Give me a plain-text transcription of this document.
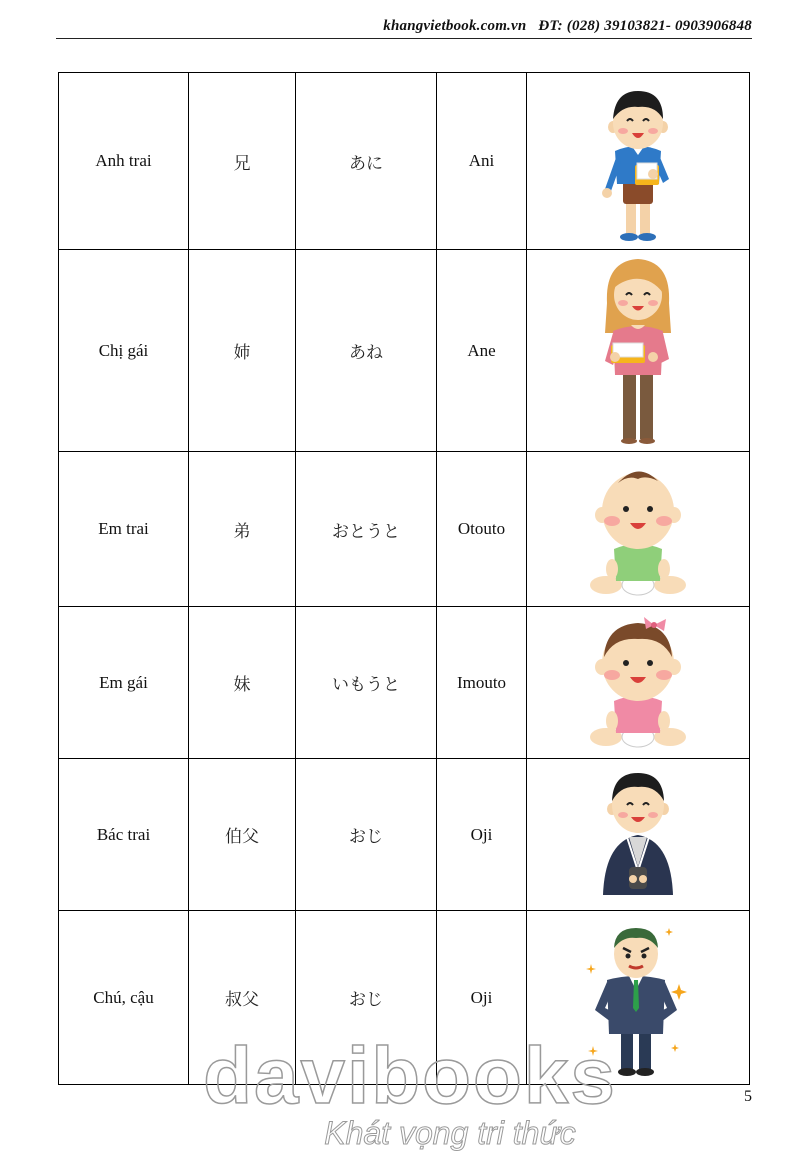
khangvietbook.com.vn ĐT: (028) 39103821- 0903906848
Anh trai	兄	あに	Ani	
Chị gái	姉	あね	Ane	
Em trai	弟	おとうと	Otouto	
Em gái	妹	いもうと	Imouto	
Bác trai	伯父	おじ	Oji	
Chú, cậu	叔父	おじ	Oji	
5
davibooks
Khát vọng tri thức
